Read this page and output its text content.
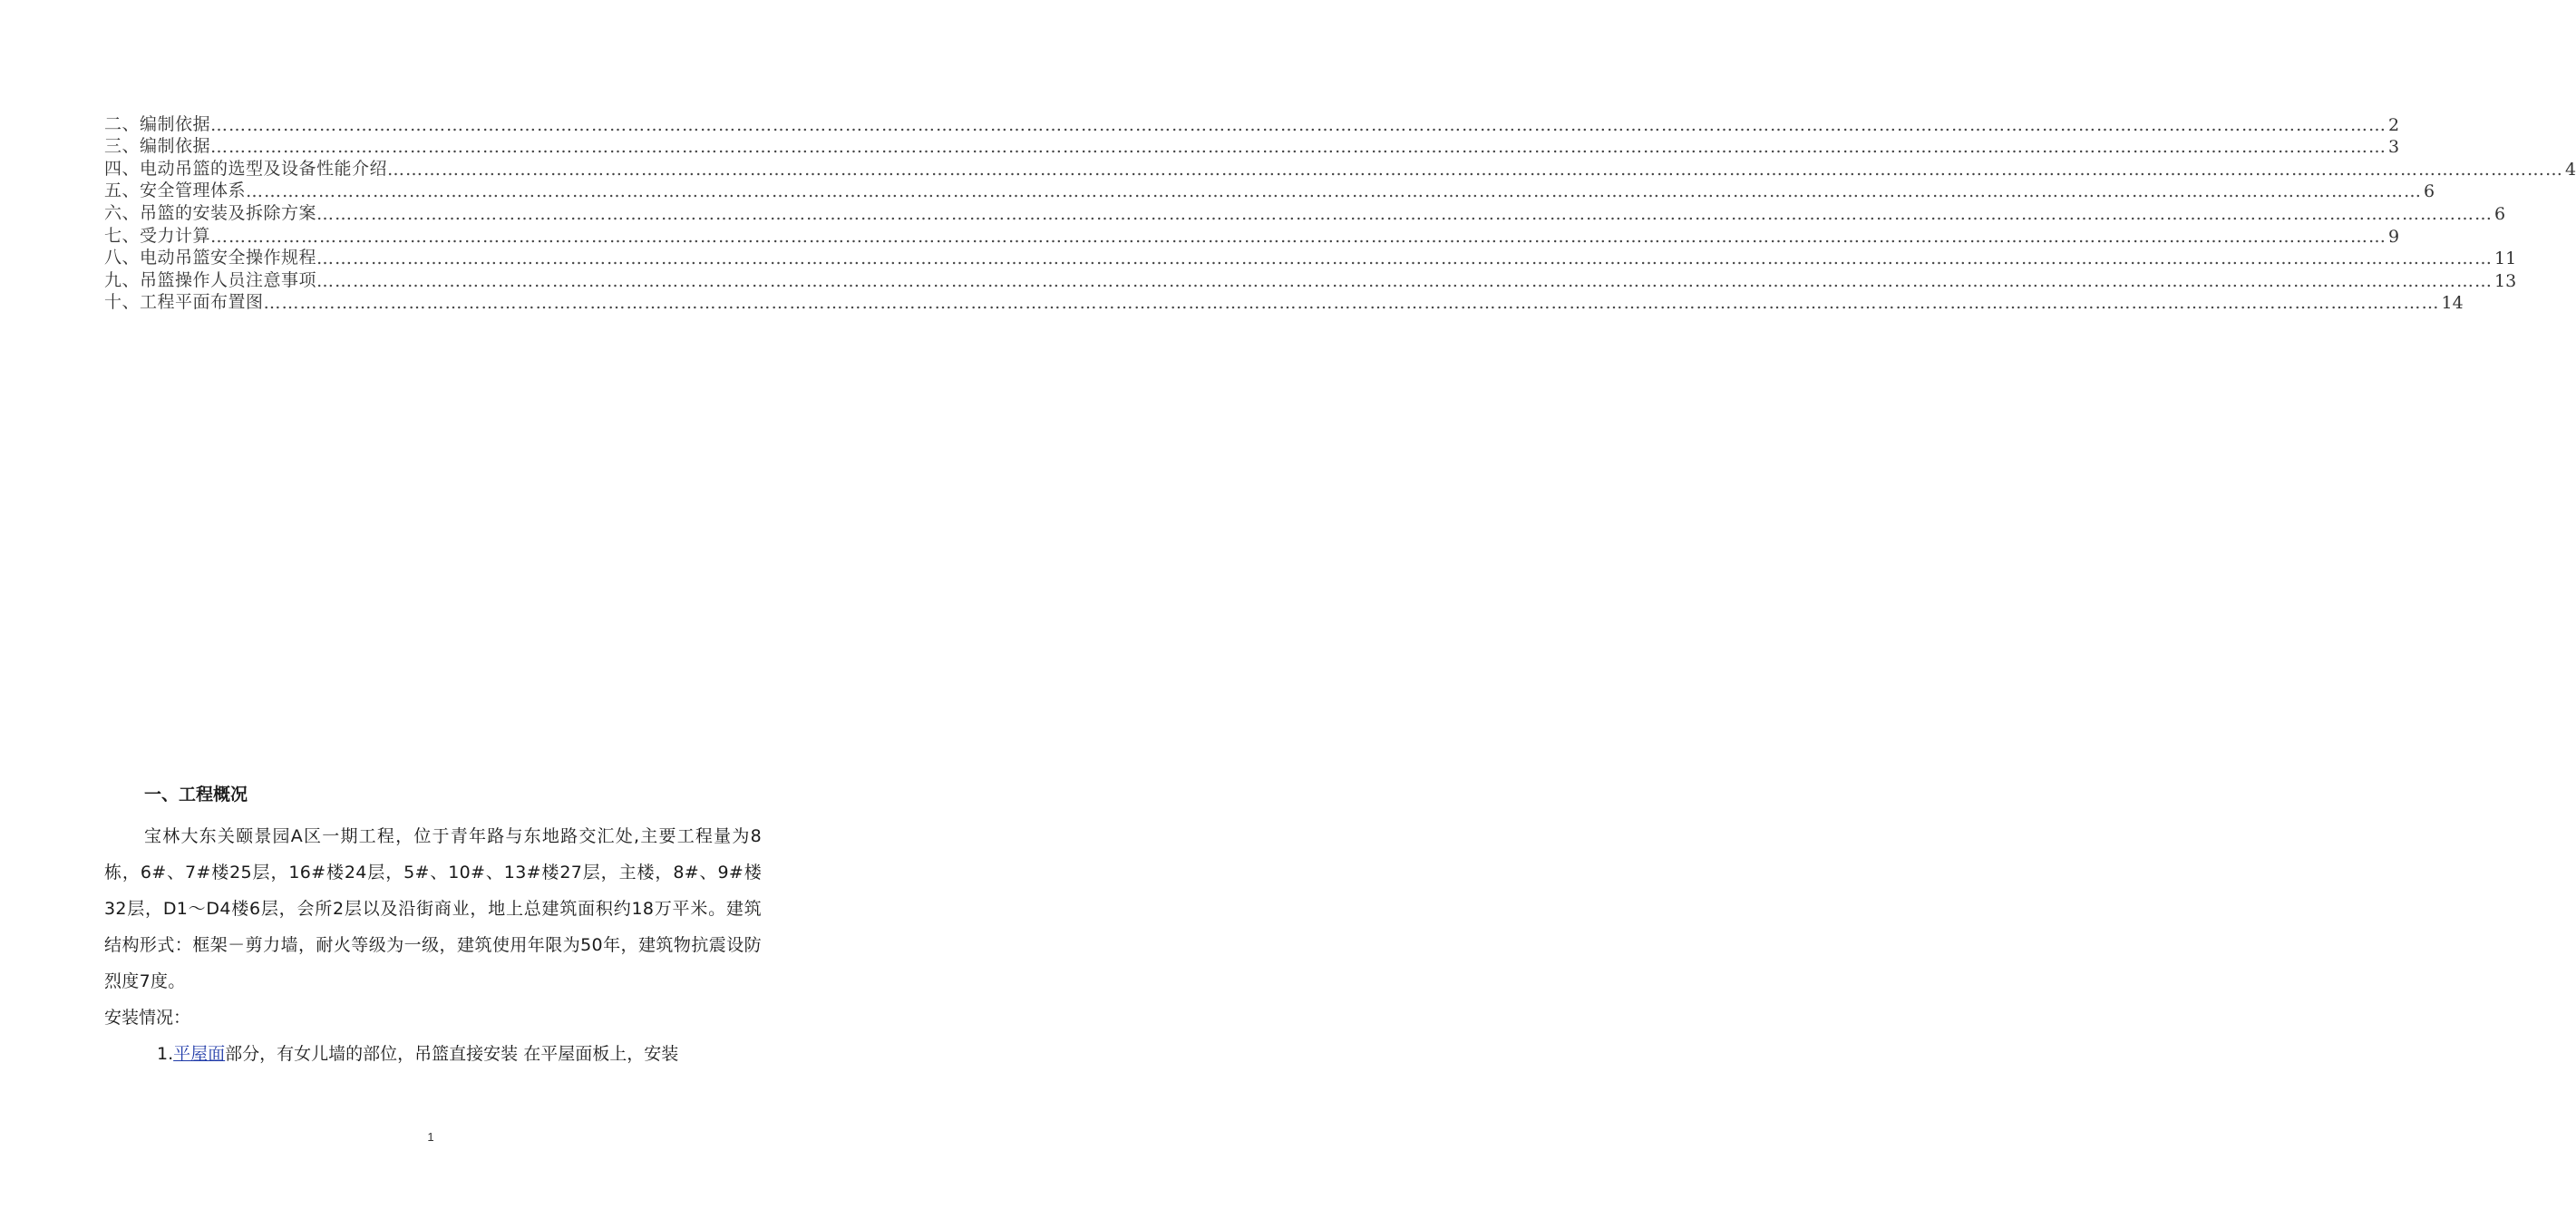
二、编制依据 ……………………………………………………………………………………………………………………………………………………………………………………………………………………………………………………………………………………………………………………………… 2
三、编制依据 ……………………………………………………………………………………………………………………………………………………………………………………………………………………………………………………………………………………………………………………………… 3
四、电动吊篮的选型及设备性能介绍 ……………………………………………………………………………………………………………………………………………………………………………………………………………………………………………………………………………………………………………………………… 4
五、安全管理体系 ……………………………………………………………………………………………………………………………………………………………………………………………………………………………………………………………………………………………………………………………… 6
六、吊篮的安装及拆除方案 ……………………………………………………………………………………………………………………………………………………………………………………………………………………………………………………………………………………………………………………………… 6
七、受力计算 ……………………………………………………………………………………………………………………………………………………………………………………………………………………………………………………………………………………………………………………………… 9
八、电动吊篮安全操作规程 ……………………………………………………………………………………………………………………………………………………………………………………………………………………………………………………………………………………………………………………………… 11
九、吊篮操作人员注意事项 ……………………………………………………………………………………………………………………………………………………………………………………………………………………………………………………………………………………………………………………………… 13
十、工程平面布置图 ……………………………………………………………………………………………………………………………………………………………………………………………………………………………………………………………………………………………………………………………… 14
一、工程概况

宝林大东关颐景园A区一期工程，位于青年路与东地路交汇处,主要工程量为8栋，6#、7#楼25层，16#楼24层，5#、10#、13#楼27层，主楼，8#、9#楼32层，D1～D4楼6层，会所2层以及沿街商业，地上总建筑面积约18万平米。建筑结构形式：框架－剪力墙，耐火等级为一级，建筑使用年限为50年，建筑物抗震设防烈度7度。

安装情况：

1.平屋面部分，有女儿墙的部位，吊篮直接安装 在平屋面板上，安装

1
